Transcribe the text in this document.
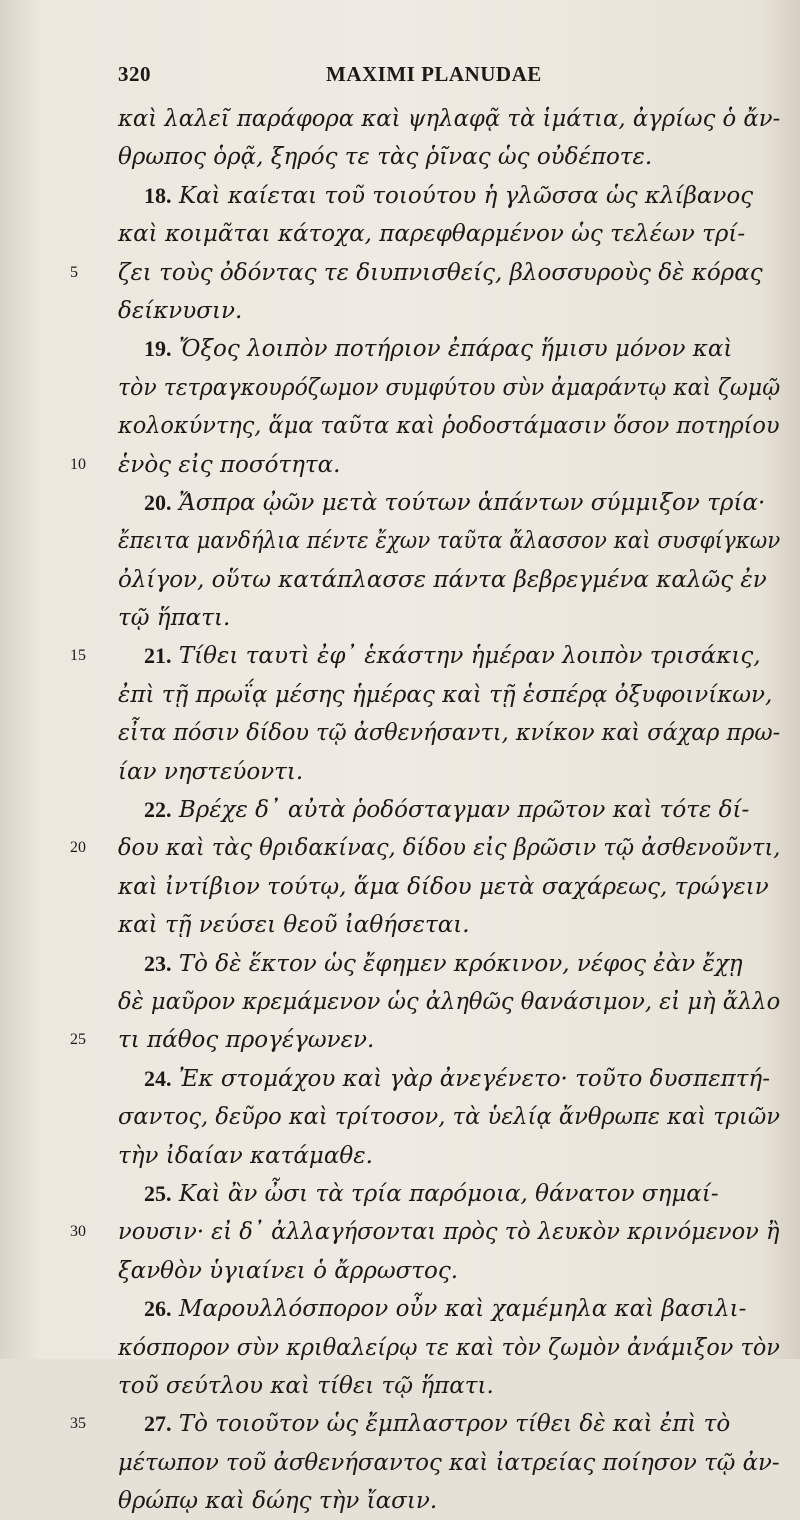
320	MAXIMI PLANUDAE
καὶ λαλεῖ παράφορα καὶ ψηλαφᾷ τὰ ἱμάτια, ἀγρίως ὁ ἄν-
θρωπος ὁρᾷ, ξηρός τε τὰς ῥῖνας ὡς οὐδέποτε.
18. Καὶ καίεται τοῦ τοιούτου ἡ γλῶσσα ὡς κλίβανος
καὶ κοιμᾶται κάτοχα, παρεφθαρμένον ὡς τελέων τρί-
5	ζει τοὺς ὀδόντας τε διυπνισθείς, βλοσσυροὺς δὲ κόρας
δείκνυσιν.
19. Ὄξος λοιπὸν ποτήριον ἐπάρας ἥμισυ μόνον καὶ
τὸν τετραγκουρόζωμον συμφύτου σὺν ἀμαράντῳ καὶ ζωμῷ
κολοκύντης, ἅμα ταῦτα καὶ ῥοδοστάμασιν ὅσον ποτηρίου
10	ἑνὸς εἰς ποσότητα.
20. Ἄσπρα ᾠῶν μετὰ τούτων ἁπάντων σύμμιξον τρία·
ἔπειτα μανδήλια πέντε ἔχων ταῦτα ἄλασσον καὶ συσφίγκων
ὀλίγον, οὕτω κατάπλασσε πάντα βεβρεγμένα καλῶς ἐν
τῷ ἥπατι.
15	21. Τίθει ταυτὶ ἐφ᾽ ἑκάστην ἡμέραν λοιπὸν τρισάκις,
ἐπὶ τῇ πρωΐᾳ μέσης ἡμέρας καὶ τῇ ἑσπέρᾳ ὀξυφοινίκων,
εἶτα πόσιν δίδου τῷ ἀσθενήσαντι, κνίκον καὶ σάχαρ πρω-
ίαν νηστεύοντι.
22. Βρέχε δ᾽ αὐτὰ ῥοδόσταγμαν πρῶτον καὶ τότε δί-
20	δου καὶ τὰς θριδακίνας, δίδου εἰς βρῶσιν τῷ ἀσθενοῦντι,
καὶ ἰντίβιον τούτῳ, ἅμα δίδου μετὰ σαχάρεως, τρώγειν
καὶ τῇ νεύσει θεοῦ ἰαθήσεται.
23. Τὸ δὲ ἕκτον ὡς ἔφημεν κρόκινον, νέφος ἐὰν ἔχῃ
δὲ μαῦρον κρεμάμενον ὡς ἀληθῶς θανάσιμον, εἰ μὴ ἄλλο
25	τι πάθος προγέγωνεν.
24. Ἐκ στομάχου καὶ γὰρ ἀνεγένετο· τοῦτο δυσπεπτή-
σαντος, δεῦρο καὶ τρίτοσον, τὰ ὑελίᾳ ἄνθρωπε καὶ τριῶν
τὴν ἰδαίαν κατάμαθε.
25. Καὶ ἂν ὦσι τὰ τρία παρόμοια, θάνατον σημαί-
30	νουσιν· εἰ δ᾽ ἀλλαγήσονται πρὸς τὸ λευκὸν κρινόμενον ἢ
ξανθὸν ὑγιαίνει ὁ ἄρρωστος.
26. Μαρουλλόσπορον οὖν καὶ χαμέμηλα καὶ βασιλι-
κόσπορον σὺν κριθαλείρῳ τε καὶ τὸν ζωμὸν ἀνάμιξον τὸν
τοῦ σεύτλου καὶ τίθει τῷ ἥπατι.
35	27. Τὸ τοιοῦτον ὡς ἔμπλαστρον τίθει δὲ καὶ ἐπὶ τὸ
μέτωπον τοῦ ἀσθενήσαντος καὶ ἰατρείας ποίησον τῷ ἀν-
θρώπῳ καὶ δώης τὴν ἴασιν.
